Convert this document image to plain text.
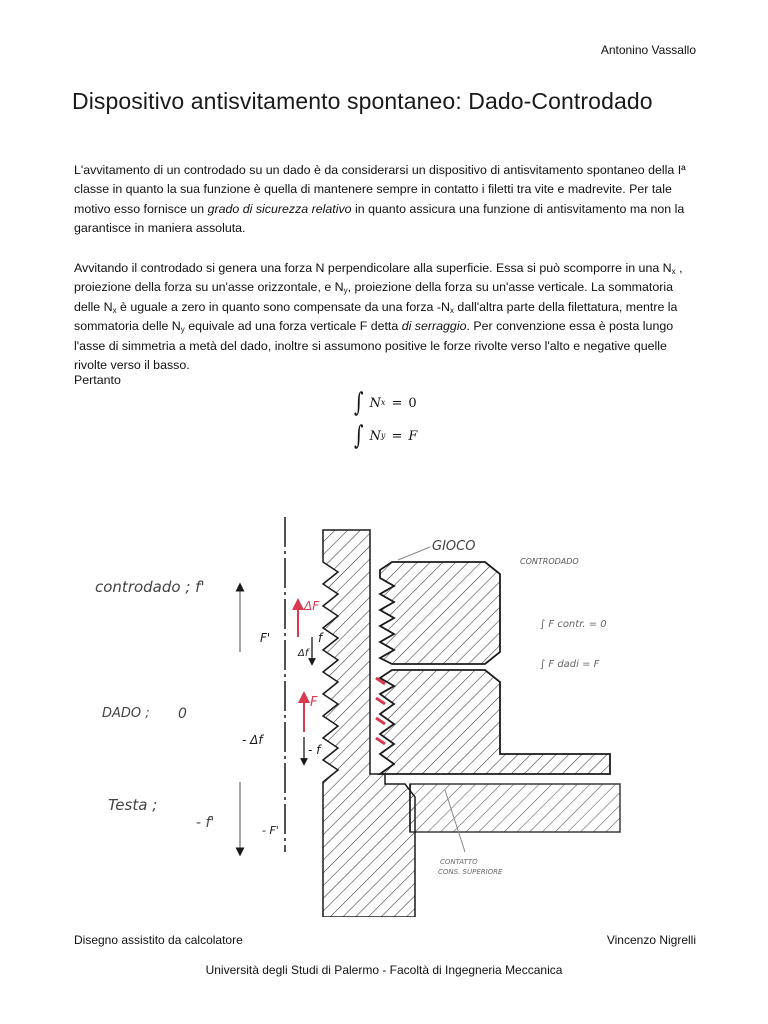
Antonino Vassallo
Dispositivo antisvitamento spontaneo: Dado-Controdado

L'avvitamento di un controdado su un dado è da considerarsi un dispositivo di antisvitamento spontaneo della Iª classe in quanto la sua funzione è quella di mantenere sempre in contatto i filetti tra vite e madrevite. Per tale motivo esso fornisce un grado di sicurezza relativo in quanto assicura una funzione di antisvitamento ma non la garantisce in maniera assoluta.

Avvitando il controdado si genera una forza N perpendicolare alla superficie. Essa si può scomporre in una $N_x$ , proiezione della forza su un'asse orizzontale, e $N_y$, proiezione della forza su un'asse verticale. La sommatoria delle $N_x$ è uguale a zero in quanto sono compensate da una forza $-N_x$ dall'altra parte della filettatura, mentre la sommatoria delle $N_y$ equivale ad una forza verticale F detta di serraggio. Per convenzione essa è posta lungo l'asse di simmetria a metà del dado, inoltre si assumono positive le forze rivolte verso l'alto e negative quelle rivolte verso il basso.

Pertanto
∫ N x = 0
∫ N y = F
controdado ; f'
DADO ; 0
Testa ;
- f'
ΔF
F'
Δf
f
F
- Δf
- f
- F'
GIOCO
CONTRODADO
∫ F contr. = 0
∫ F dadi = F
CONTATTO
CONS. SUPERIORE
Disegno assistito da calcolatore	Vincenzo Nigrelli
Università degli Studi di Palermo - Facoltà di Ingegneria Meccanica
